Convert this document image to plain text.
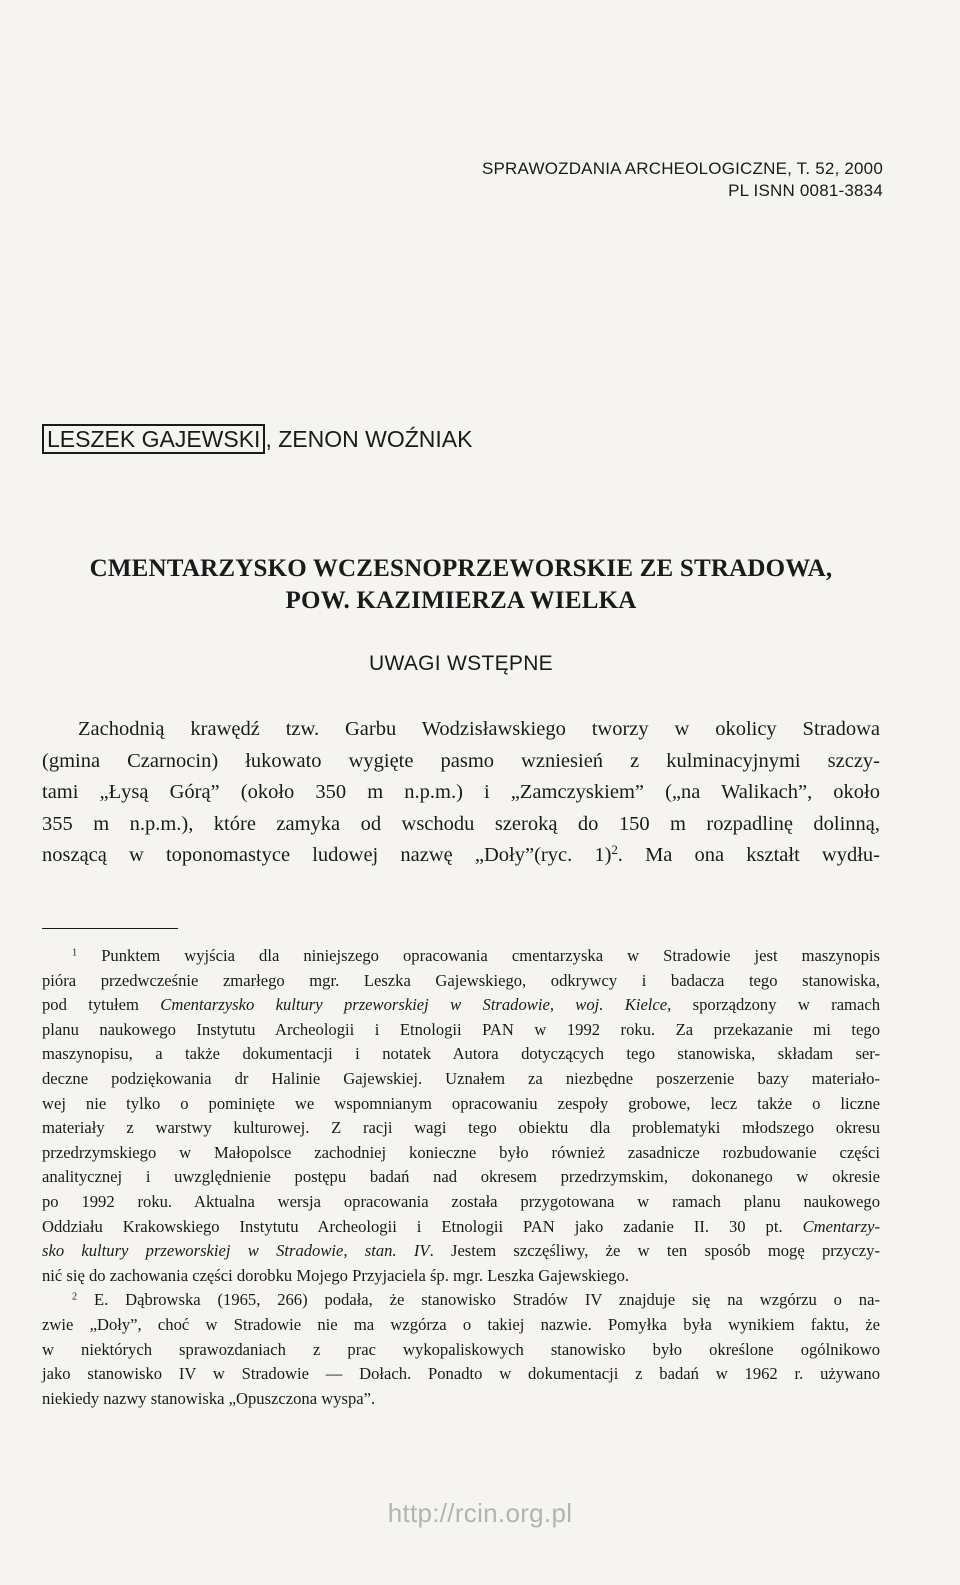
SPRAWOZDANIA ARCHEOLOGICZNE, T. 52, 2000
PL ISNN 0081-3834
LESZEK GAJEWSKI , ZENON WOŹNIAK
CMENTARZYSKO WCZESNOPRZEWORSKIE ZE STRADOWA,
POW. KAZIMIERZA WIELKA
UWAGI WSTĘPNE
Zachodnią krawędź tzw. Garbu Wodzisławskiego tworzy w okolicy Stradowa
(gmina Czarnocin) łukowato wygięte pasmo wzniesień z kulminacyjnymi szczy-
tami „Łysą Górą” (około 350 m n.p.m.) i „Zamczyskiem” („na Walikach”, około
355 m n.p.m.), które zamyka od wschodu szeroką do 150 m rozpadlinę dolinną,
noszącą w toponomastyce ludowej nazwę „Doły”(ryc. 1)$^2$. Ma ona kształt wydłu-
$^1$ Punktem wyjścia dla niniejszego opracowania cmentarzyska w Stradowie jest maszynopis
pióra przedwcześnie zmarłego mgr. Leszka Gajewskiego, odkrywcy i badacza tego stanowiska,
pod tytułem Cmentarzysko kultury przeworskiej w Stradowie, woj. Kielce, sporządzony w ramach
planu naukowego Instytutu Archeologii i Etnologii PAN w 1992 roku. Za przekazanie mi tego
maszynopisu, a także dokumentacji i notatek Autora dotyczących tego stanowiska, składam ser-
deczne podziękowania dr Halinie Gajewskiej. Uznałem za niezbędne poszerzenie bazy materiało-
wej nie tylko o pominięte we wspomnianym opracowaniu zespoły grobowe, lecz także o liczne
materiały z warstwy kulturowej. Z racji wagi tego obiektu dla problematyki młodszego okresu
przedrzymskiego w Małopolsce zachodniej konieczne było również zasadnicze rozbudowanie części
analitycznej i uwzględnienie postępu badań nad okresem przedrzymskim, dokonanego w okresie
po 1992 roku. Aktualna wersja opracowania została przygotowana w ramach planu naukowego
Oddziału Krakowskiego Instytutu Archeologii i Etnologii PAN jako zadanie II. 30 pt. Cmentarzy-
sko kultury przeworskiej w Stradowie, stan. IV. Jestem szczęśliwy, że w ten sposób mogę przyczy-
nić się do zachowania części dorobku Mojego Przyjaciela śp. mgr. Leszka Gajewskiego.
$^2$ E. Dąbrowska (1965, 266) podała, że stanowisko Stradów IV znajduje się na wzgórzu o na-
zwie „Doły”, choć w Stradowie nie ma wzgórza o takiej nazwie. Pomyłka była wynikiem faktu, że
w niektórych sprawozdaniach z prac wykopaliskowych stanowisko było określone ogólnikowo
jako stanowisko IV w Stradowie — Dołach. Ponadto w dokumentacji z badań w 1962 r. używano
niekiedy nazwy stanowiska „Opuszczona wyspa”.
http://rcin.org.pl
